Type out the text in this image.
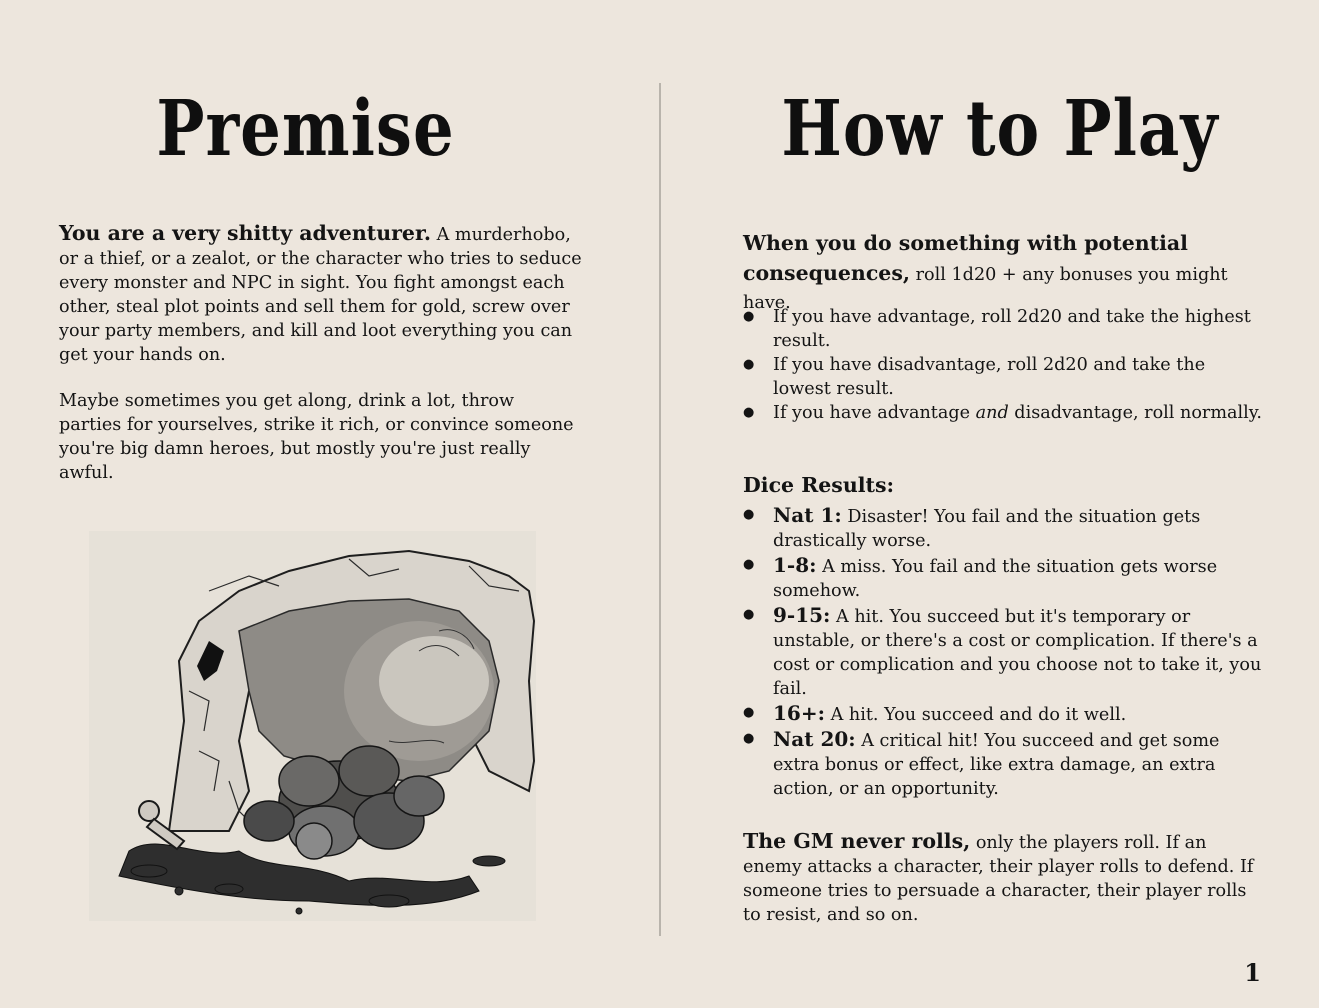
Premise

You are a very shitty adventurer. A murderhobo, or a thief, or a zealot, or the character who tries to seduce every monster and NPC in sight. You fight amongst each other, steal plot points and sell them for gold, screw over your party members, and kill and loot everything you can get your hands on.

Maybe sometimes you get along, drink a lot, throw parties for yourselves, strike it rich, or convince someone you're big damn heroes, but mostly you're just really awful.

How to Play

When you do something with potential consequences, roll 1d20 + any bonuses you might have.

● If you have advantage, roll 2d20 and take the highest result.
● If you have disadvantage, roll 2d20 and take the lowest result.
● If you have advantage and disadvantage, roll normally.

Dice Results:

● Nat 1: Disaster! You fail and the situation gets drastically worse.
● 1-8: A miss. You fail and the situation gets worse somehow.
● 9-15: A hit. You succeed but it's temporary or unstable, or there's a cost or complication. If there's a cost or complication and you choose not to take it, you fail.
● 16+: A hit. You succeed and do it well.
● Nat 20: A critical hit! You succeed and get some extra bonus or effect, like extra damage, an extra action, or an opportunity.

The GM never rolls, only the players roll. If an enemy attacks a character, their player rolls to defend. If someone tries to persuade a character, their player rolls to resist, and so on.

1
